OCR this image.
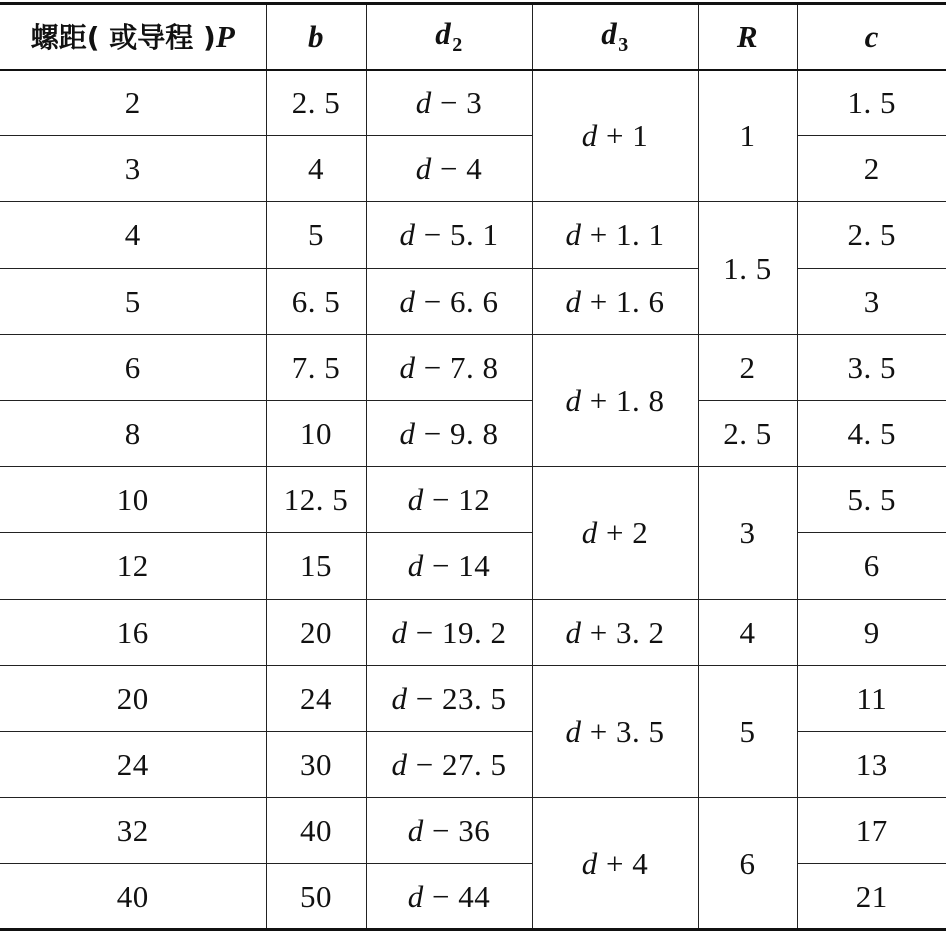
螺距( 或导程 )P	b	$d_2$	$d_3$	R	c
2	2. 5	d − 3	d + 1	1	1. 5
3	4	d − 4			2
4	5	d − 5. 1	d + 1. 1	1. 5	2. 5
5	6. 5	d − 6. 6	d + 1. 6		3
6	7. 5	d − 7. 8	d + 1. 8	2	3. 5
8	10	d − 9. 8		2. 5	4. 5
10	12. 5	d − 12	d + 2	3	5. 5
12	15	d − 14			6
16	20	d − 19. 2	d + 3. 2	4	9
20	24	d − 23. 5	d + 3. 5	5	11
24	30	d − 27. 5			13
32	40	d − 36	d + 4	6	17
40	50	d − 44			21
